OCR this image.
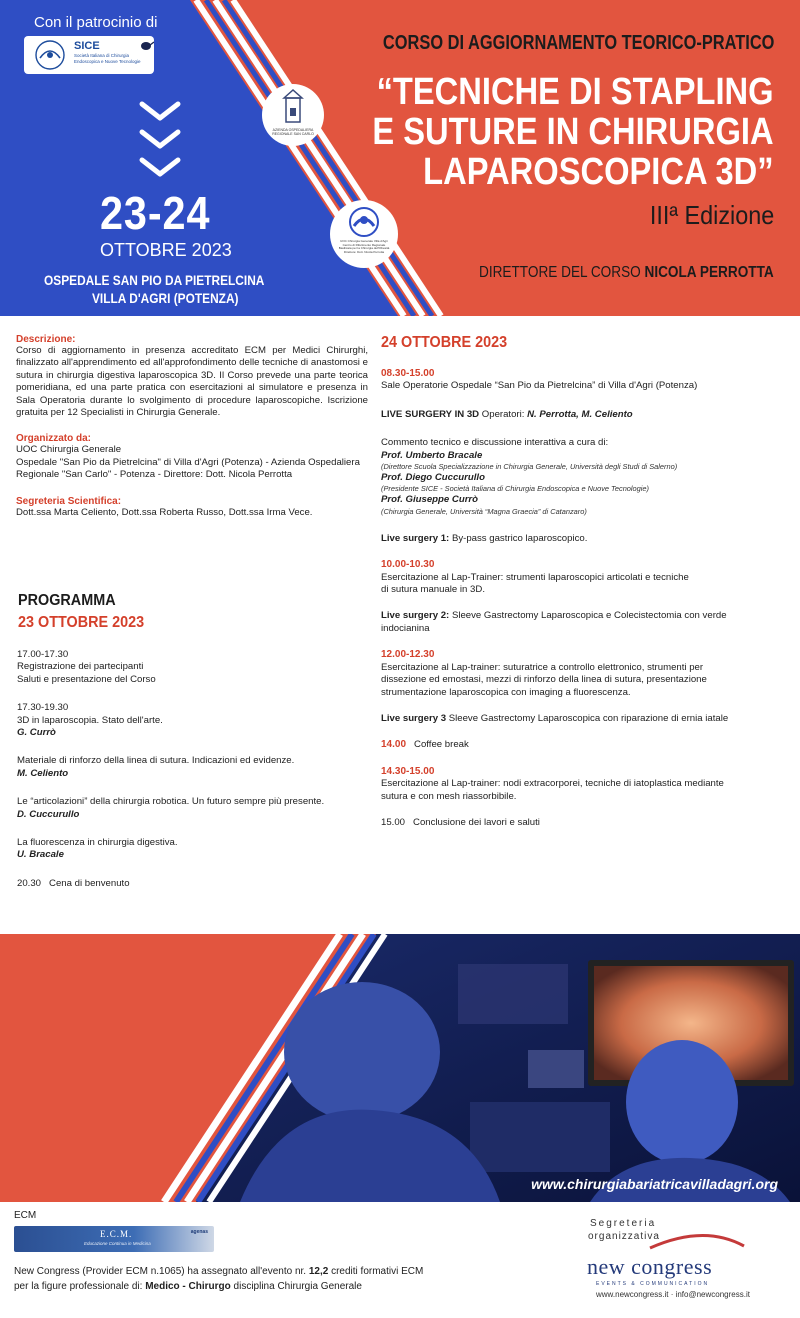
Con il patrocinio di
SICE
Società Italiana di Chirurgia Endoscopica e Nuove Tecnologie
23-24
OTTOBRE 2023
OSPEDALE SAN PIO DA PIETRELCINA
VILLA D'AGRI (POTENZA)
AZIENDA OSPEDALIERA REGIONALE SAN CARLO
UOC Chirurgia Generale Villa d'Agri Centro di Riferimento Regionale Basilicata per la Chirurgia dell'Obesità Direttore: Dott. Nicola Perrotta
CORSO DI AGGIORNAMENTO TEORICO-PRATICO
“TECNICHE DI STAPLING
E SUTURE IN CHIRURGIA
LAPAROSCOPICA 3D”
IIIª Edizione
DIRETTORE DEL CORSO NICOLA PERROTTA
Descrizione:
Corso di aggiornamento in presenza accreditato ECM per Medici Chirurghi, finalizzato all'apprendimento ed all'approfondimento delle tecniche di anastomosi e sutura in chirurgia digestiva laparoscopica 3D. Il Corso prevede una parte teorica pomeridiana, ed una parte pratica con esercitazioni al simulatore e presenza in Sala Operatoria durante lo svolgimento di procedure laparoscopiche. Iscrizione gratuita per 12 Specialisti in Chirurgia Generale.
Organizzato da:
UOC Chirurgia Generale
Ospedale "San Pio da Pietrelcina" di Villa d'Agri (Potenza) - Azienda Ospedaliera Regionale "San Carlo" - Potenza - Direttore: Dott. Nicola Perrotta
Segreteria Scientifica:
Dott.ssa Marta Celiento, Dott.ssa Roberta Russo, Dott.ssa Irma Vece.
PROGRAMMA
23 OTTOBRE 2023
17.00-17.30
Registrazione dei partecipanti
Saluti e presentazione del Corso
17.30-19.30
3D in laparoscopia. Stato dell'arte.
G. Currò
Materiale di rinforzo della linea di sutura. Indicazioni ed evidenze.
M. Celiento
Le “articolazioni” della chirurgia robotica. Un futuro sempre più presente.
D. Cuccurullo
La fluorescenza in chirurgia digestiva.
U. Bracale
20.30 Cena di benvenuto
24 OTTOBRE 2023
08.30-15.00
Sale Operatorie Ospedale “San Pio da Pietrelcina” di Villa d'Agri (Potenza)
LIVE SURGERY IN 3D Operatori: N. Perrotta, M. Celiento
Commento tecnico e discussione interattiva a cura di:
Prof. Umberto Bracale
(Direttore Scuola Specializzazione in Chirurgia Generale, Università degli Studi di Salerno)
Prof. Diego Cuccurullo
(Presidente SICE - Società Italiana di Chirurgia Endoscopica e Nuove Tecnologie)
Prof. Giuseppe Currò
(Chirurgia Generale, Università “Magna Graecia” di Catanzaro)
Live surgery 1: By-pass gastrico laparoscopico.
10.00-10.30
Esercitazione al Lap-Trainer: strumenti laparoscopici articolati e tecniche
di sutura manuale in 3D.
Live surgery 2: Sleeve Gastrectomy Laparoscopica e Colecistectomia con verde
indocianina
12.00-12.30
Esercitazione al Lap-trainer: suturatrice a controllo elettronico, strumenti per
dissezione ed emostasi, mezzi di rinforzo della linea di sutura, presentazione
strumentazione laparoscopica con imaging a fluorescenza.
Live surgery 3 Sleeve Gastrectomy Laparoscopica con riparazione di ernia iatale
14.00 Coffee break
14.30-15.00
Esercitazione al Lap-trainer: nodi extracorporei, tecniche di iatoplastica mediante
sutura e con mesh riassorbibile.
15.00 Conclusione dei lavori e saluti
www.chirurgiabariatricavilladagri.org
ECM
E.C.M.
Educazione Continua in Medicina
agenas
New Congress (Provider ECM n.1065) ha assegnato all'evento nr. 12,2 crediti formativi ECM
per la figure professionale di: Medico - Chirurgo disciplina Chirurgia Generale
Segreteria
organizzativa
new congress
EVENTS & COMMUNICATION
www.newcongress.it · info@newcongress.it
